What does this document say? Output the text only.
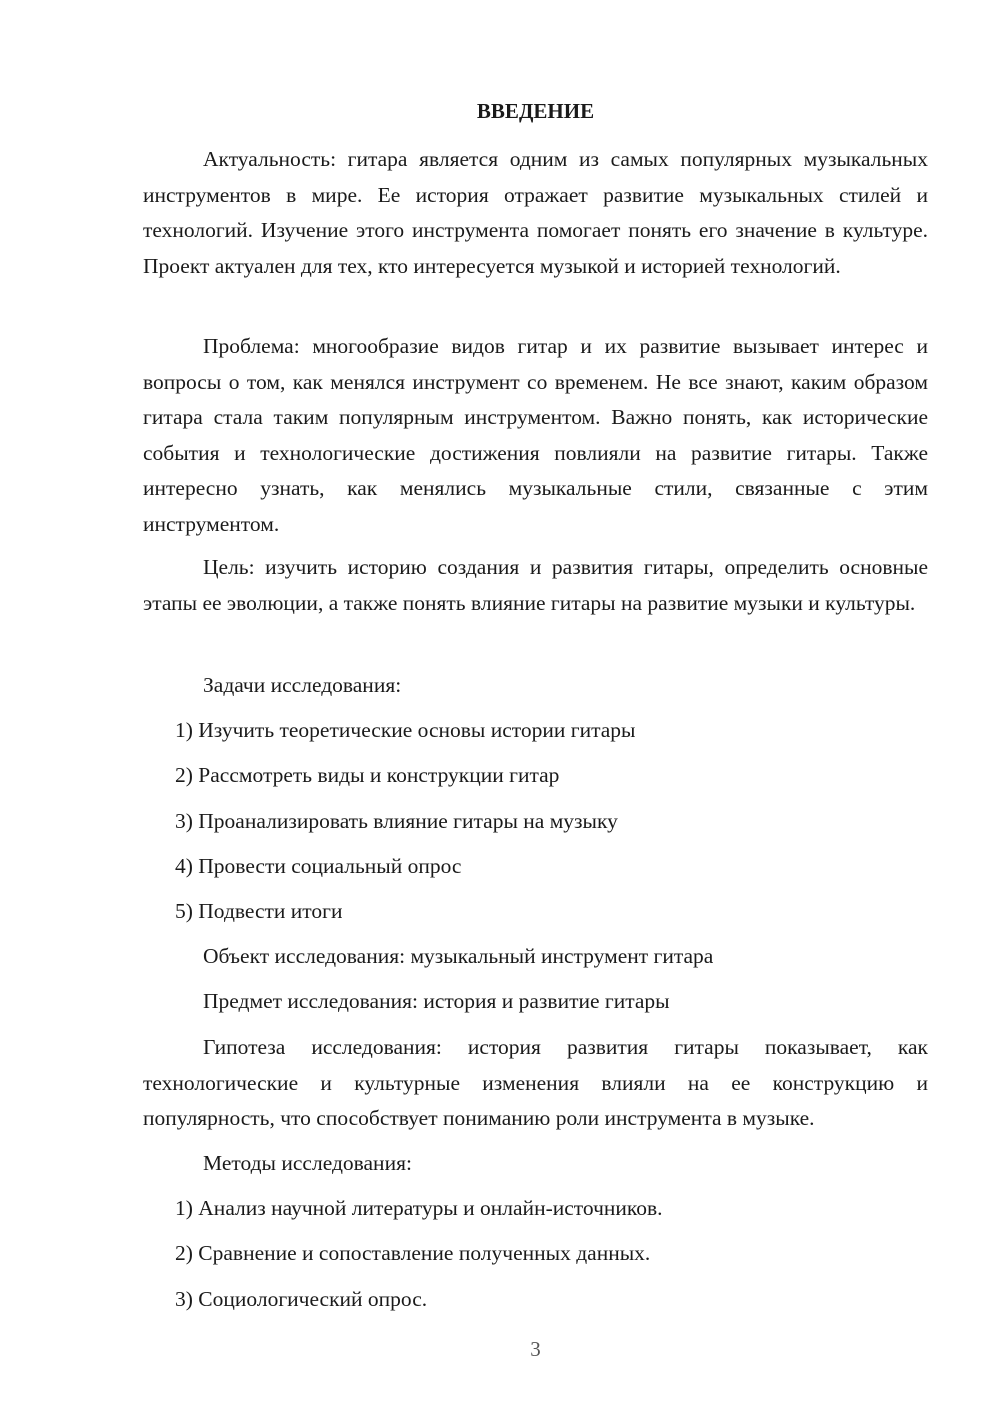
ВВЕДЕНИЕ

Актуальность: гитара является одним из самых популярных музыкальных инструментов в мире. Ее история отражает развитие музыкальных стилей и технологий. Изучение этого инструмента помогает понять его значение в культуре. Проект актуален для тех, кто интересуется музыкой и историей технологий.

Проблема: многообразие видов гитар и их развитие вызывает интерес и вопросы о том, как менялся инструмент со временем. Не все знают, каким образом гитара стала таким популярным инструментом. Важно понять, как исторические события и технологические достижения повлияли на развитие гитары. Также интересно узнать, как менялись музыкальные стили, связанные с этим инструментом.

Цель: изучить историю создания и развития гитары, определить основные этапы ее эволюции, а также понять влияние гитары на развитие музыки и культуры.

Задачи исследования:

1) Изучить теоретические основы истории гитары

2) Рассмотреть виды и конструкции гитар

3) Проанализировать влияние гитары на музыку

4) Провести социальный опрос

5) Подвести итоги

Объект исследования: музыкальный инструмент гитара

Предмет исследования: история и развитие гитары

Гипотеза исследования: история развития гитары показывает, как технологические и культурные изменения влияли на ее конструкцию и популярность, что способствует пониманию роли инструмента в музыке.

Методы исследования:

1) Анализ научной литературы и онлайн-источников.

2) Сравнение и сопоставление полученных данных.

3) Социологический опрос.

3
